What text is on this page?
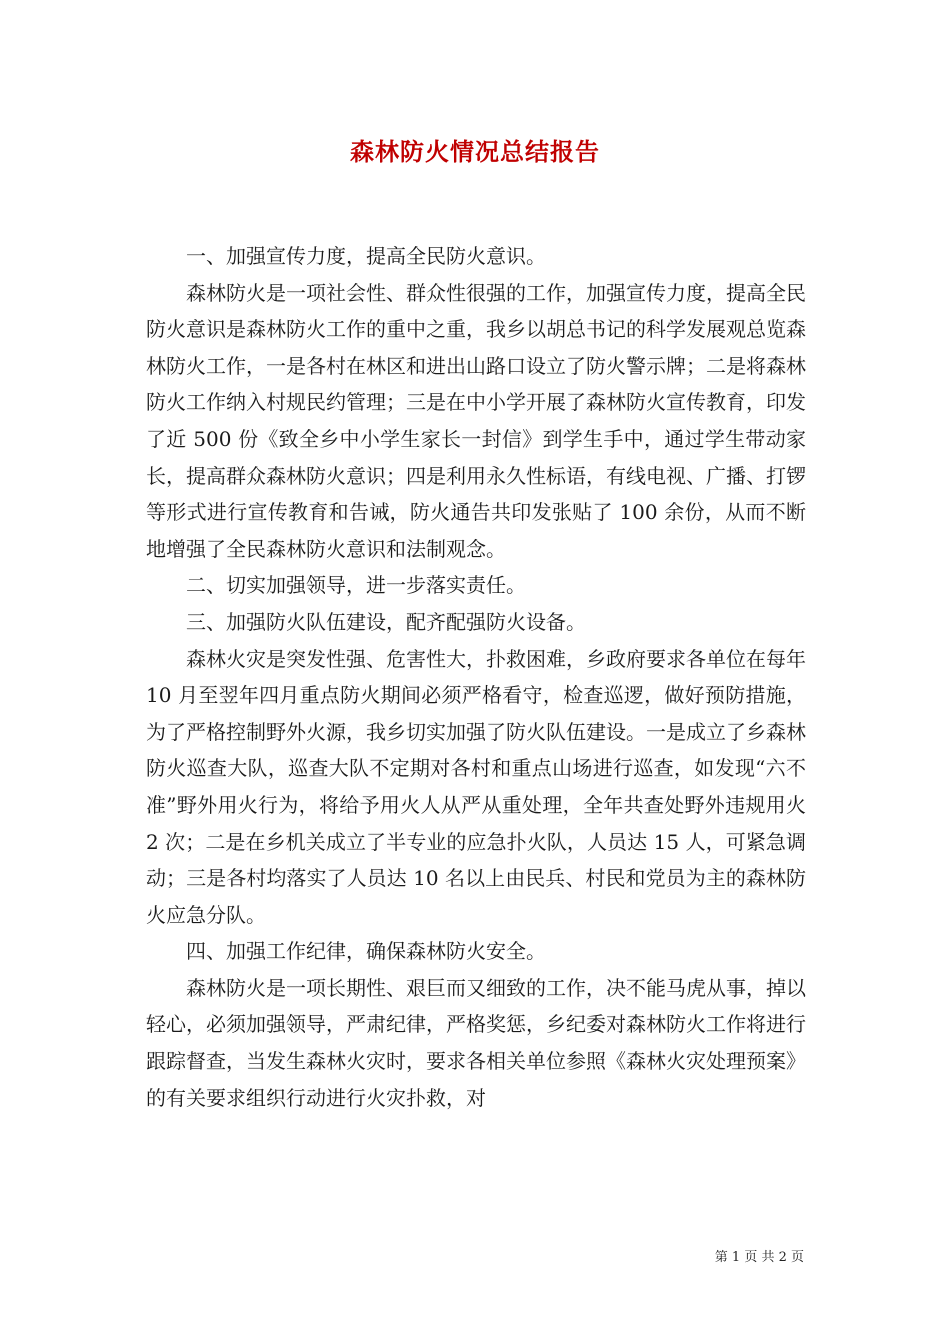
森林防火情况总结报告

一、加强宣传力度，提高全民防火意识。

森林防火是一项社会性、群众性很强的工作，加强宣传力度，提高全民防火意识是森林防火工作的重中之重，我乡以胡总书记的科学发展观总览森林防火工作，一是各村在林区和进出山路口设立了防火警示牌；二是将森林防火工作纳入村规民约管理；三是在中小学开展了森林防火宣传教育，印发了近 500 份《致全乡中小学生家长一封信》到学生手中，通过学生带动家长，提高群众森林防火意识；四是利用永久性标语，有线电视、广播、打锣等形式进行宣传教育和告诫，防火通告共印发张贴了 100 余份，从而不断地增强了全民森林防火意识和法制观念。

二、切实加强领导，进一步落实责任。

三、加强防火队伍建设，配齐配强防火设备。

森林火灾是突发性强、危害性大，扑救困难，乡政府要求各单位在每年 10 月至翌年四月重点防火期间必须严格看守，检查巡逻，做好预防措施，为了严格控制野外火源，我乡切实加强了防火队伍建设。一是成立了乡森林防火巡查大队，巡查大队不定期对各村和重点山场进行巡查，如发现“六不准”野外用火行为，将给予用火人从严从重处理，全年共查处野外违规用火 2 次；二是在乡机关成立了半专业的应急扑火队，人员达 15 人，可紧急调动；三是各村均落实了人员达 10 名以上由民兵、村民和党员为主的森林防火应急分队。

四、加强工作纪律，确保森林防火安全。

森林防火是一项长期性、艰巨而又细致的工作，决不能马虎从事，掉以轻心，必须加强领导，严肃纪律，严格奖惩，乡纪委对森林防火工作将进行跟踪督查，当发生森林火灾时，要求各相关单位参照《森林火灾处理预案》的有关要求组织行动进行火灾扑救，对

第 1 页 共 2 页
